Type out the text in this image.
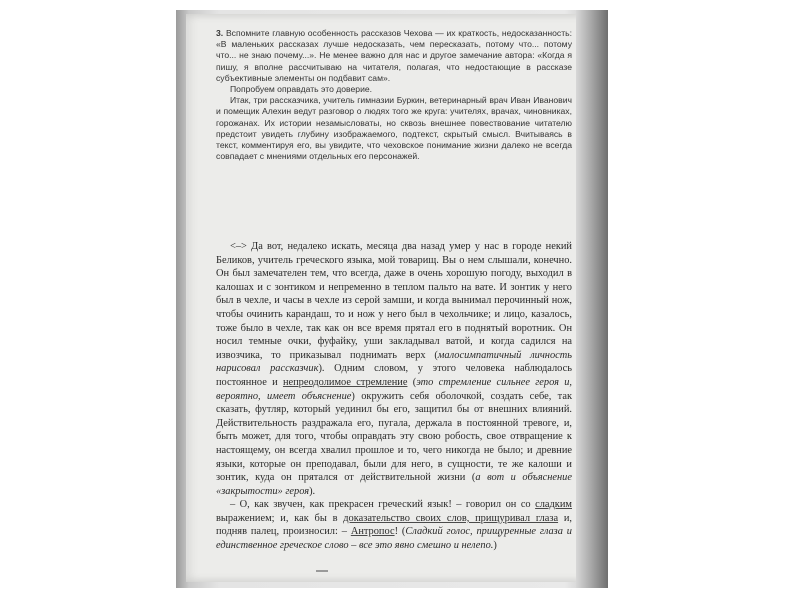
3. Вспомните главную особенность рассказов Чехова — их краткость, недосказанность: «В маленьких рассказах лучше недосказать, чем пересказать, потому что... потому что... не знаю почему...». Не менее важно для нас и другое замечание автора: «Когда я пишу, я вполне рассчитываю на читателя, полагая, что недостающие в рассказе субъективные элементы он подбавит сам».

Попробуем оправдать это доверие.

Итак, три рассказчика, учитель гимназии Буркин, ветеринарный врач Иван Иванович и помещик Алехин ведут разговор о людях того же круга: учителях, врачах, чиновниках, горожанах. Их истории незамысловаты, но сквозь внешнее повествование читателю предстоит увидеть глубину изображаемого, подтекст, скрытый смысл. Вчитываясь в текст, комментируя его, вы увидите, что чеховское понимание жизни далеко не всегда совпадает с мнениями отдельных его персонажей.

<–> Да вот, недалеко искать, месяца два назад умер у нас в городе некий Беликов, учитель греческого языка, мой товарищ. Вы о нем слышали, конечно. Он был замечателен тем, что всегда, даже в очень хорошую погоду, выходил в калошах и с зонтиком и непременно в теплом пальто на вате. И зонтик у него был в чехле, и часы в чехле из серой замши, и когда вынимал перочинный нож, чтобы очинить карандаш, то и нож у него был в чехольчике; и лицо, казалось, тоже было в чехле, так как он все время прятал его в поднятый воротник. Он носил темные очки, фуфайку, уши закладывал ватой, и когда садился на извозчика, то приказывал поднимать верх (малосимпатичный личность нарисовал рассказчик). Одним словом, у этого человека наблюдалось постоянное и непреодолимое стремление (это стремление сильнее героя и, вероятно, имеет объяснение) окружить себя оболочкой, создать себе, так сказать, футляр, который уединил бы его, защитил бы от внешних влияний. Действительность раздражала его, пугала, держала в постоянной тревоге, и, быть может, для того, чтобы оправдать эту свою робость, свое отвращение к настоящему, он всегда хвалил прошлое и то, чего никогда не было; и древние языки, которые он преподавал, были для него, в сущности, те же калоши и зонтик, куда он прятался от действительной жизни (а вот и объяснение «закрытости» героя).

– О, как звучен, как прекрасен греческий язык! – говорил он со сладким выражением; и, как бы в доказательство своих слов, прищуривал глаза и, подняв палец, произносил: – Антропос! (Сладкий голос, прищуренные глаза и единственное греческое слово – все это явно смешно и нелепо.)
